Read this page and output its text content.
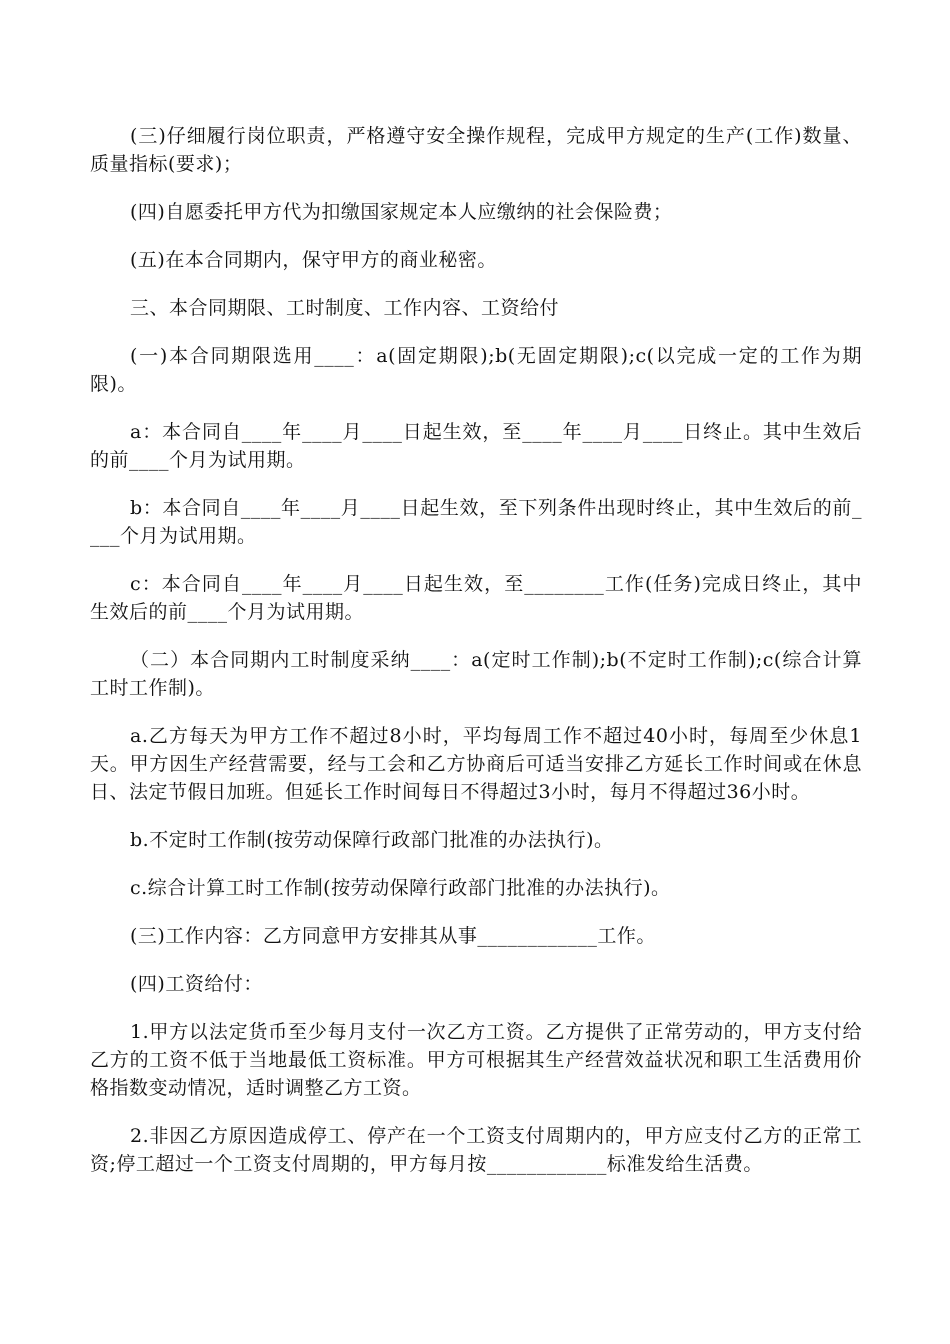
(三)仔细履行岗位职责，严格遵守安全操作规程，完成甲方规定的生产(工作)数量、质量指标(要求)；

(四)自愿委托甲方代为扣缴国家规定本人应缴纳的社会保险费；

(五)在本合同期内，保守甲方的商业秘密。

三、本合同期限、工时制度、工作内容、工资给付

(一)本合同期限选用____：a(固定期限);b(无固定期限);c(以完成一定的工作为期限)。

a：本合同自____年____月____日起生效，至____年____月____日终止。其中生效后的前____个月为试用期。

b：本合同自____年____月____日起生效，至下列条件出现时终止，其中生效后的前____个月为试用期。

c：本合同自____年____月____日起生效，至________工作(任务)完成日终止，其中生效后的前____个月为试用期。

（二）本合同期内工时制度采纳____：a(定时工作制);b(不定时工作制);c(综合计算工时工作制)。

a.乙方每天为甲方工作不超过8小时，平均每周工作不超过40小时，每周至少休息1天。甲方因生产经营需要，经与工会和乙方协商后可适当安排乙方延长工作时间或在休息日、法定节假日加班。但延长工作时间每日不得超过3小时，每月不得超过36小时。

b.不定时工作制(按劳动保障行政部门批准的办法执行)。

c.综合计算工时工作制(按劳动保障行政部门批准的办法执行)。

(三)工作内容：乙方同意甲方安排其从事____________工作。

(四)工资给付：

1.甲方以法定货币至少每月支付一次乙方工资。乙方提供了正常劳动的，甲方支付给乙方的工资不低于当地最低工资标准。甲方可根据其生产经营效益状况和职工生活费用价格指数变动情况，适时调整乙方工资。

2.非因乙方原因造成停工、停产在一个工资支付周期内的，甲方应支付乙方的正常工资;停工超过一个工资支付周期的，甲方每月按____________标准发给生活费。
